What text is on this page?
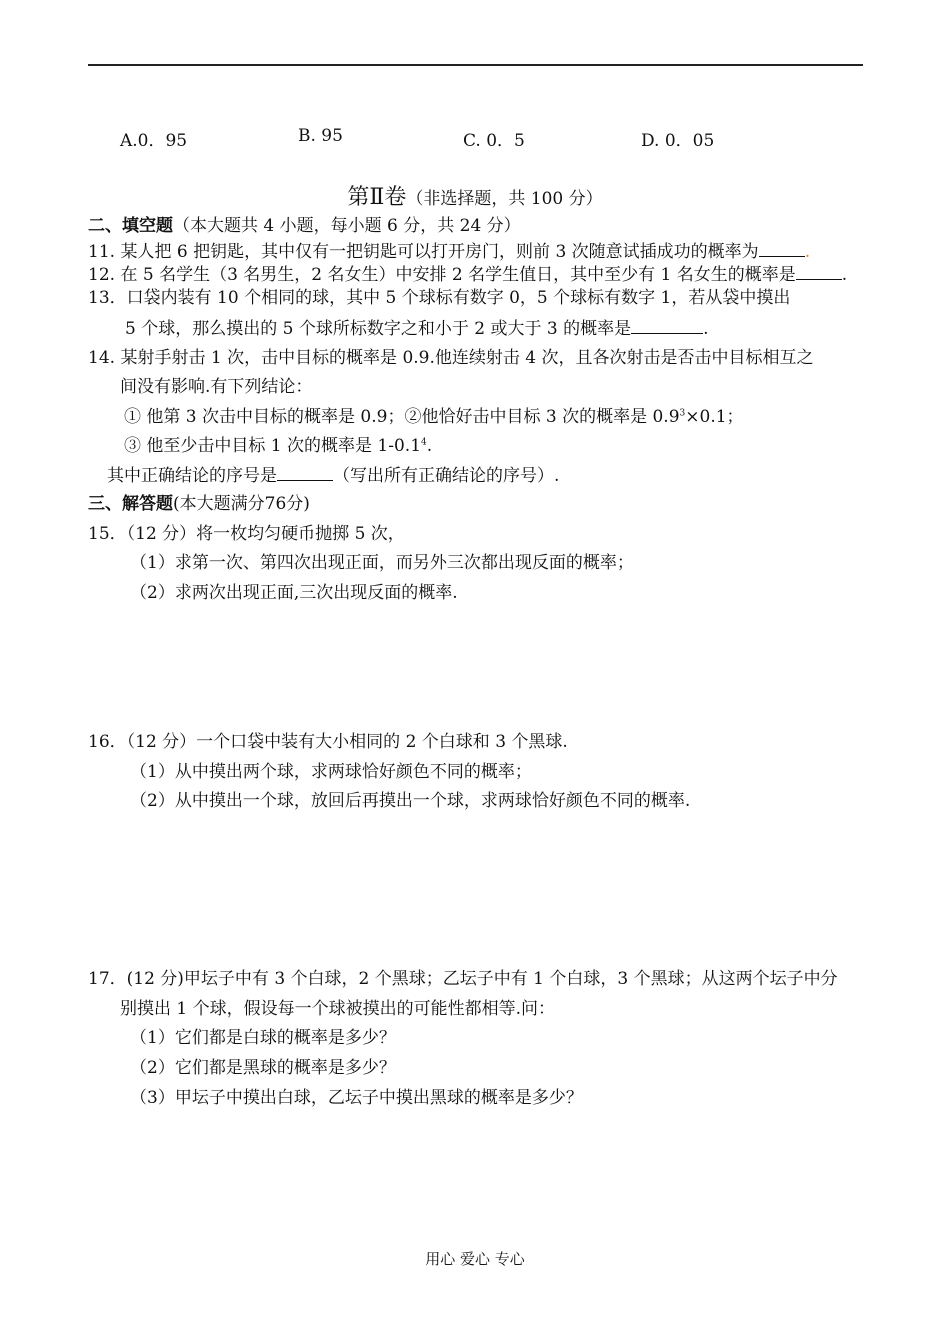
A.0．95	B. 95	C. 0．5	D. 0．05
第Ⅱ卷（非选择题，共 100 分）
二、填空题（本大题共 4 小题，每小题 6 分，共 24 分）
11. 某人把 6 把钥匙，其中仅有一把钥匙可以打开房门，则前 3 次随意试插成功的概率为	.
12. 在 5 名学生（3 名男生，2 名女生）中安排 2 名学生值日，其中至少有 1 名女生的概率是	.
13．口袋内装有 10 个相同的球，其中 5 个球标有数字 0，5 个球标有数字 1，若从袋中摸出
5 个球，那么摸出的 5 个球所标数字之和小于 2 或大于 3 的概率是	.
14. 某射手射击 1 次，击中目标的概率是 0.9.他连续射击 4 次，且各次射击是否击中目标相互之
间没有影响.有下列结论：
① 他第 3 次击中目标的概率是 0.9；②他恰好击中目标 3 次的概率是 $0.9^3\times 0.1$；
③ 他至少击中目标 1 次的概率是 $1-0.1^4$.
其中正确结论的序号是	（写出所有正确结论的序号）.
三、解答题(本大题满分76分)
15．（12 分）将一枚均匀硬币抛掷 5 次，
（1）求第一次、第四次出现正面，而另外三次都出现反面的概率；
（2）求两次出现正面,三次出现反面的概率.
16．（12 分）一个口袋中装有大小相同的 2 个白球和 3 个黑球.
（1）从中摸出两个球，求两球恰好颜色不同的概率；
（2）从中摸出一个球，放回后再摸出一个球，求两球恰好颜色不同的概率.
17．(12 分)甲坛子中有 3 个白球，2 个黑球；乙坛子中有 1 个白球，3 个黑球；从这两个坛子中分
别摸出 1 个球，假设每一个球被摸出的可能性都相等.问：
（1）它们都是白球的概率是多少？
（2）它们都是黑球的概率是多少？
（3）甲坛子中摸出白球，乙坛子中摸出黑球的概率是多少？
用心 爱心 专心
